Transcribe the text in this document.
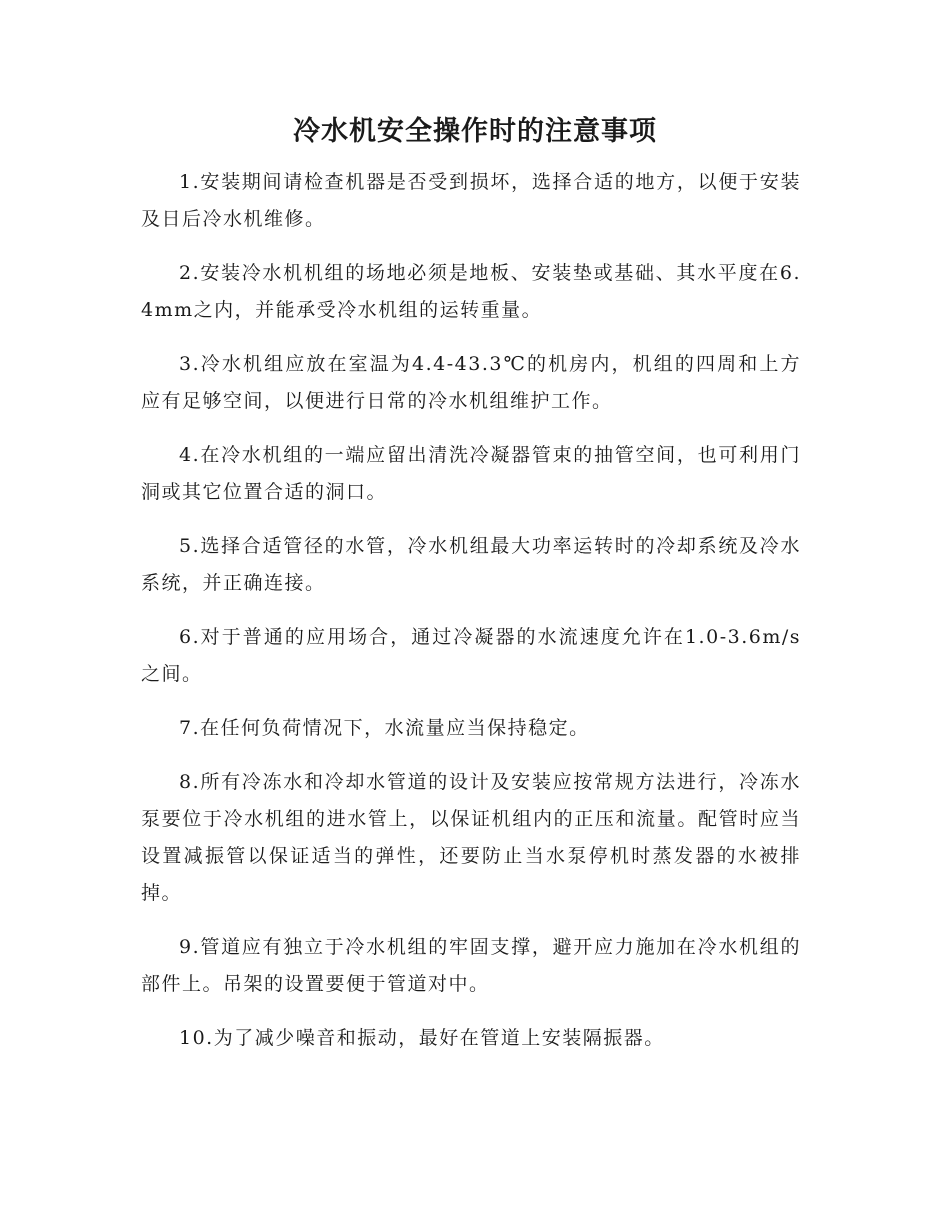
冷水机安全操作时的注意事项

1.安装期间请检查机器是否受到损坏，选择合适的地方，以便于安装及日后冷水机维修。

2.安装冷水机机组的场地必须是地板、安装垫或基础、其水平度在6.4mm之内，并能承受冷水机组的运转重量。

3.冷水机组应放在室温为4.4-43.3℃的机房内，机组的四周和上方应有足够空间，以便进行日常的冷水机组维护工作。

4.在冷水机组的一端应留出清洗冷凝器管束的抽管空间，也可利用门洞或其它位置合适的洞口。

5.选择合适管径的水管，冷水机组最大功率运转时的冷却系统及冷水系统，并正确连接。

6.对于普通的应用场合，通过冷凝器的水流速度允许在1.0-3.6m/s之间。

7.在任何负荷情况下，水流量应当保持稳定。

8.所有冷冻水和冷却水管道的设计及安装应按常规方法进行，冷冻水泵要位于冷水机组的进水管上，以保证机组内的正压和流量。配管时应当设置减振管以保证适当的弹性，还要防止当水泵停机时蒸发器的水被排掉。

9.管道应有独立于冷水机组的牢固支撑，避开应力施加在冷水机组的部件上。吊架的设置要便于管道对中。

10.为了减少噪音和振动，最好在管道上安装隔振器。
